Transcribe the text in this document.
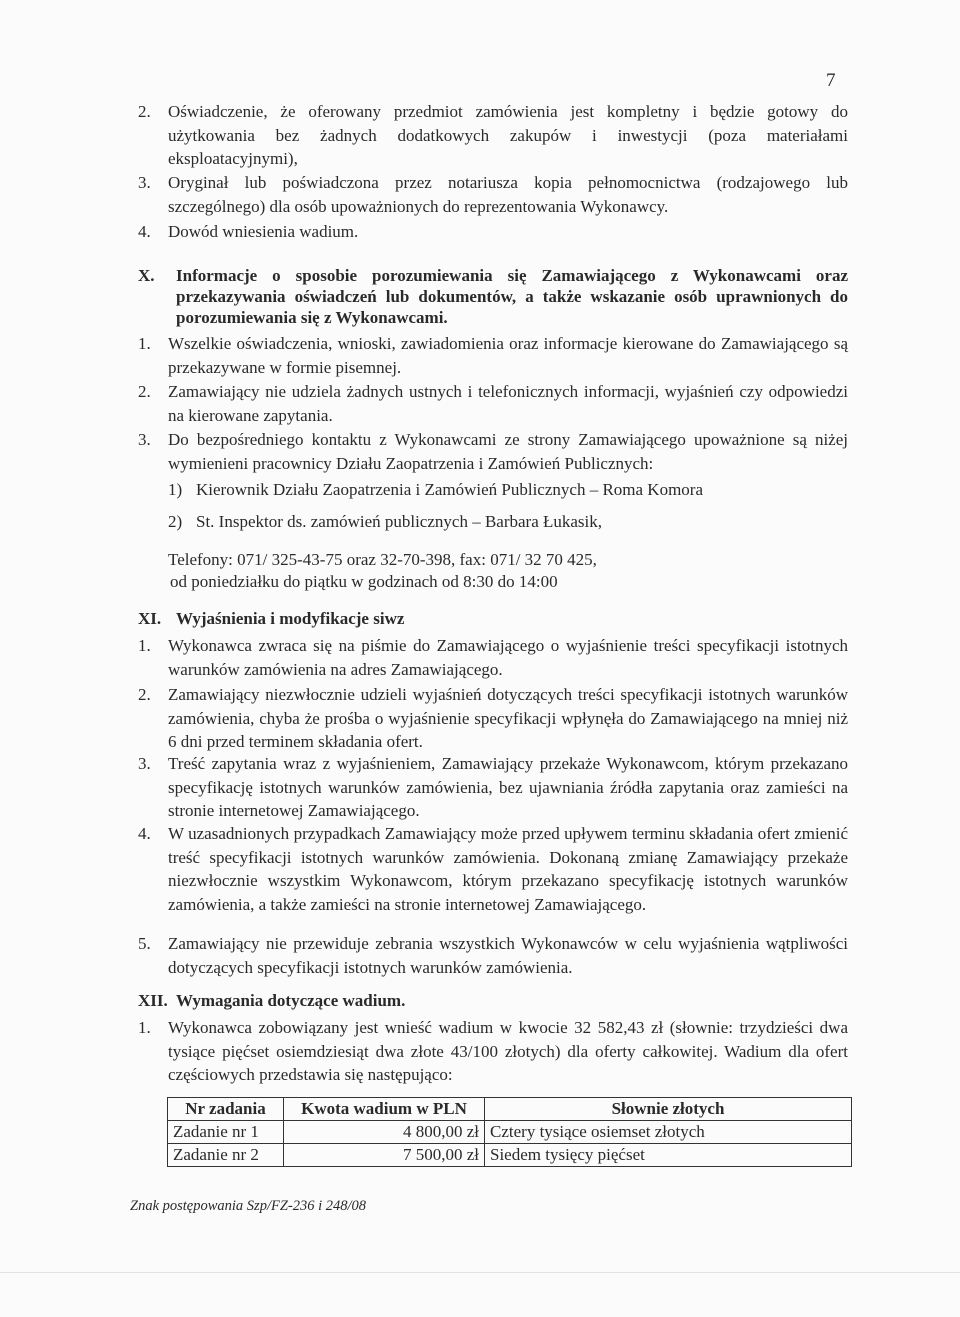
7
2. Oświadczenie, że oferowany przedmiot zamówienia jest kompletny i będzie gotowy do użytkowania bez żadnych dodatkowych zakupów i inwestycji (poza materiałami eksploatacyjnymi),
3. Oryginał lub poświadczona przez notariusza kopia pełnomocnictwa (rodzajowego lub szczególnego) dla osób upoważnionych do reprezentowania Wykonawcy.
4. Dowód wniesienia wadium.
X. Informacje o sposobie porozumiewania się Zamawiającego z Wykonawcami oraz przekazywania oświadczeń lub dokumentów, a także wskazanie osób uprawnionych do porozumiewania się z Wykonawcami.
1. Wszelkie oświadczenia, wnioski, zawiadomienia oraz informacje kierowane do Zamawiającego są przekazywane w formie pisemnej.
2. Zamawiający nie udziela żadnych ustnych i telefonicznych informacji, wyjaśnień czy odpowiedzi na kierowane zapytania.
3. Do bezpośredniego kontaktu z Wykonawcami ze strony Zamawiającego upoważnione są niżej wymienieni pracownicy Działu Zaopatrzenia i Zamówień Publicznych:
1) Kierownik Działu Zaopatrzenia i Zamówień Publicznych – Roma Komora
2) St. Inspektor ds. zamówień publicznych – Barbara Łukasik,
Telefony: 071/ 325-43-75 oraz 32-70-398, fax: 071/ 32 70 425,
od poniedziałku do piątku w godzinach od 8:30 do 14:00
XI. Wyjaśnienia i modyfikacje siwz
1. Wykonawca zwraca się na piśmie do Zamawiającego o wyjaśnienie treści specyfikacji istotnych warunków zamówienia na adres Zamawiającego.
2. Zamawiający niezwłocznie udzieli wyjaśnień dotyczących treści specyfikacji istotnych warunków zamówienia, chyba że prośba o wyjaśnienie specyfikacji wpłynęła do Zamawiającego na mniej niż 6 dni przed terminem składania ofert.
3. Treść zapytania wraz z wyjaśnieniem, Zamawiający przekaże Wykonawcom, którym przekazano specyfikację istotnych warunków zamówienia, bez ujawniania źródła zapytania oraz zamieści na stronie internetowej Zamawiającego.
4. W uzasadnionych przypadkach Zamawiający może przed upływem terminu składania ofert zmienić treść specyfikacji istotnych warunków zamówienia. Dokonaną zmianę Zamawiający przekaże niezwłocznie wszystkim Wykonawcom, którym przekazano specyfikację istotnych warunków zamówienia, a także zamieści na stronie internetowej Zamawiającego.
5. Zamawiający nie przewiduje zebrania wszystkich Wykonawców w celu wyjaśnienia wątpliwości dotyczących specyfikacji istotnych warunków zamówienia.
XII. Wymagania dotyczące wadium.
1. Wykonawca zobowiązany jest wnieść wadium w kwocie 32 582,43 zł (słownie: trzydzieści dwa tysiące pięćset osiemdziesiąt dwa złote 43/100 złotych) dla oferty całkowitej. Wadium dla ofert częściowych przedstawia się następująco:
Nr zadania	Kwota wadium w PLN	Słownie złotych
Zadanie nr 1	4 800,00 zł	Cztery tysiące osiemset złotych
Zadanie nr 2	7 500,00 zł	Siedem tysięcy pięćset
Znak postępowania Szp/FZ-236 i 248/08
